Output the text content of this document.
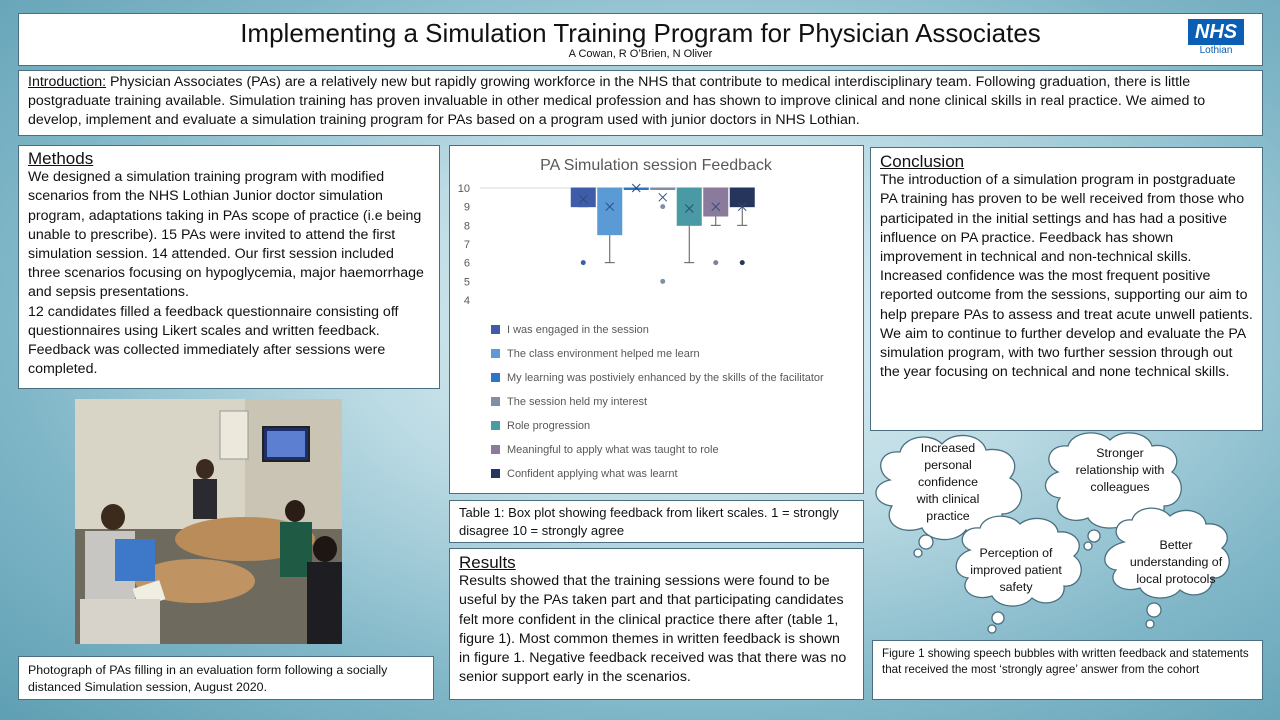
Implementing a Simulation Training Program for Physician Associates
A Cowan, R O’Brien, N Oliver
NHS
Lothian
Introduction: Physician Associates (PAs) are a relatively new but rapidly growing workforce in the NHS that contribute to medical interdisciplinary team. Following graduation, there is little postgraduate training available. Simulation training has proven invaluable in other medical profession and has shown to improve clinical and none clinical skills in real practice. We aimed to develop, implement and evaluate a simulation training program for PAs based on a program used with junior doctors in NHS Lothian.
Methods
We designed a simulation training program with modified scenarios from the NHS Lothian Junior doctor simulation program, adaptations taking in PAs scope of practice (i.e being unable to prescribe). 15 PAs were invited to attend the first simulation session. 14 attended. Our first session included three scenarios focusing on hypoglycemia, major haemorrhage and sepsis presentations.
12 candidates filled a feedback questionnaire consisting off questionnaires using Likert scales and written feedback. Feedback was collected immediately after sessions were completed.
Photograph of PAs filling in an evaluation form following a socially distanced Simulation session, August 2020.
PA Simulation session Feedback
4
5
6
7
8
9
10
I was engaged in the session
The class environment helped me learn
My learning was postiviely enhanced by the skills of the facilitator
The session held my interest
Role progression
Meaningful to apply what was taught to role
Confident applying what was learnt
Table 1: Box plot showing feedback from likert scales. 1 = strongly disagree 10 = strongly agree
Results
Results showed that the training sessions were found to be useful by the PAs taken part and that participating candidates felt more confident in the clinical practice there after (table 1, figure 1). Most common themes in written feedback is shown in figure 1. Negative feedback received was that there was no senior support early in the scenarios.
Conclusion
The introduction of a simulation program in postgraduate PA training has proven to be well received from those who participated in the initial settings and has had a positive influence on PA practice. Feedback has shown improvement in technical and non-technical skills. Increased confidence was the most frequent positive reported outcome from the sessions, supporting our aim to help prepare PAs to assess and treat acute unwell patients.
We aim to continue to further develop and evaluate the PA simulation program, with two further session through out the year focusing on technical and none technical skills.
Increased personal confidence with clinical practice
Stronger relationship with colleagues
Perception of improved patient safety
Better understanding of local protocols
Figure 1 showing speech bubbles with written feedback and statements that received the most ‘strongly agree’ answer from the cohort
